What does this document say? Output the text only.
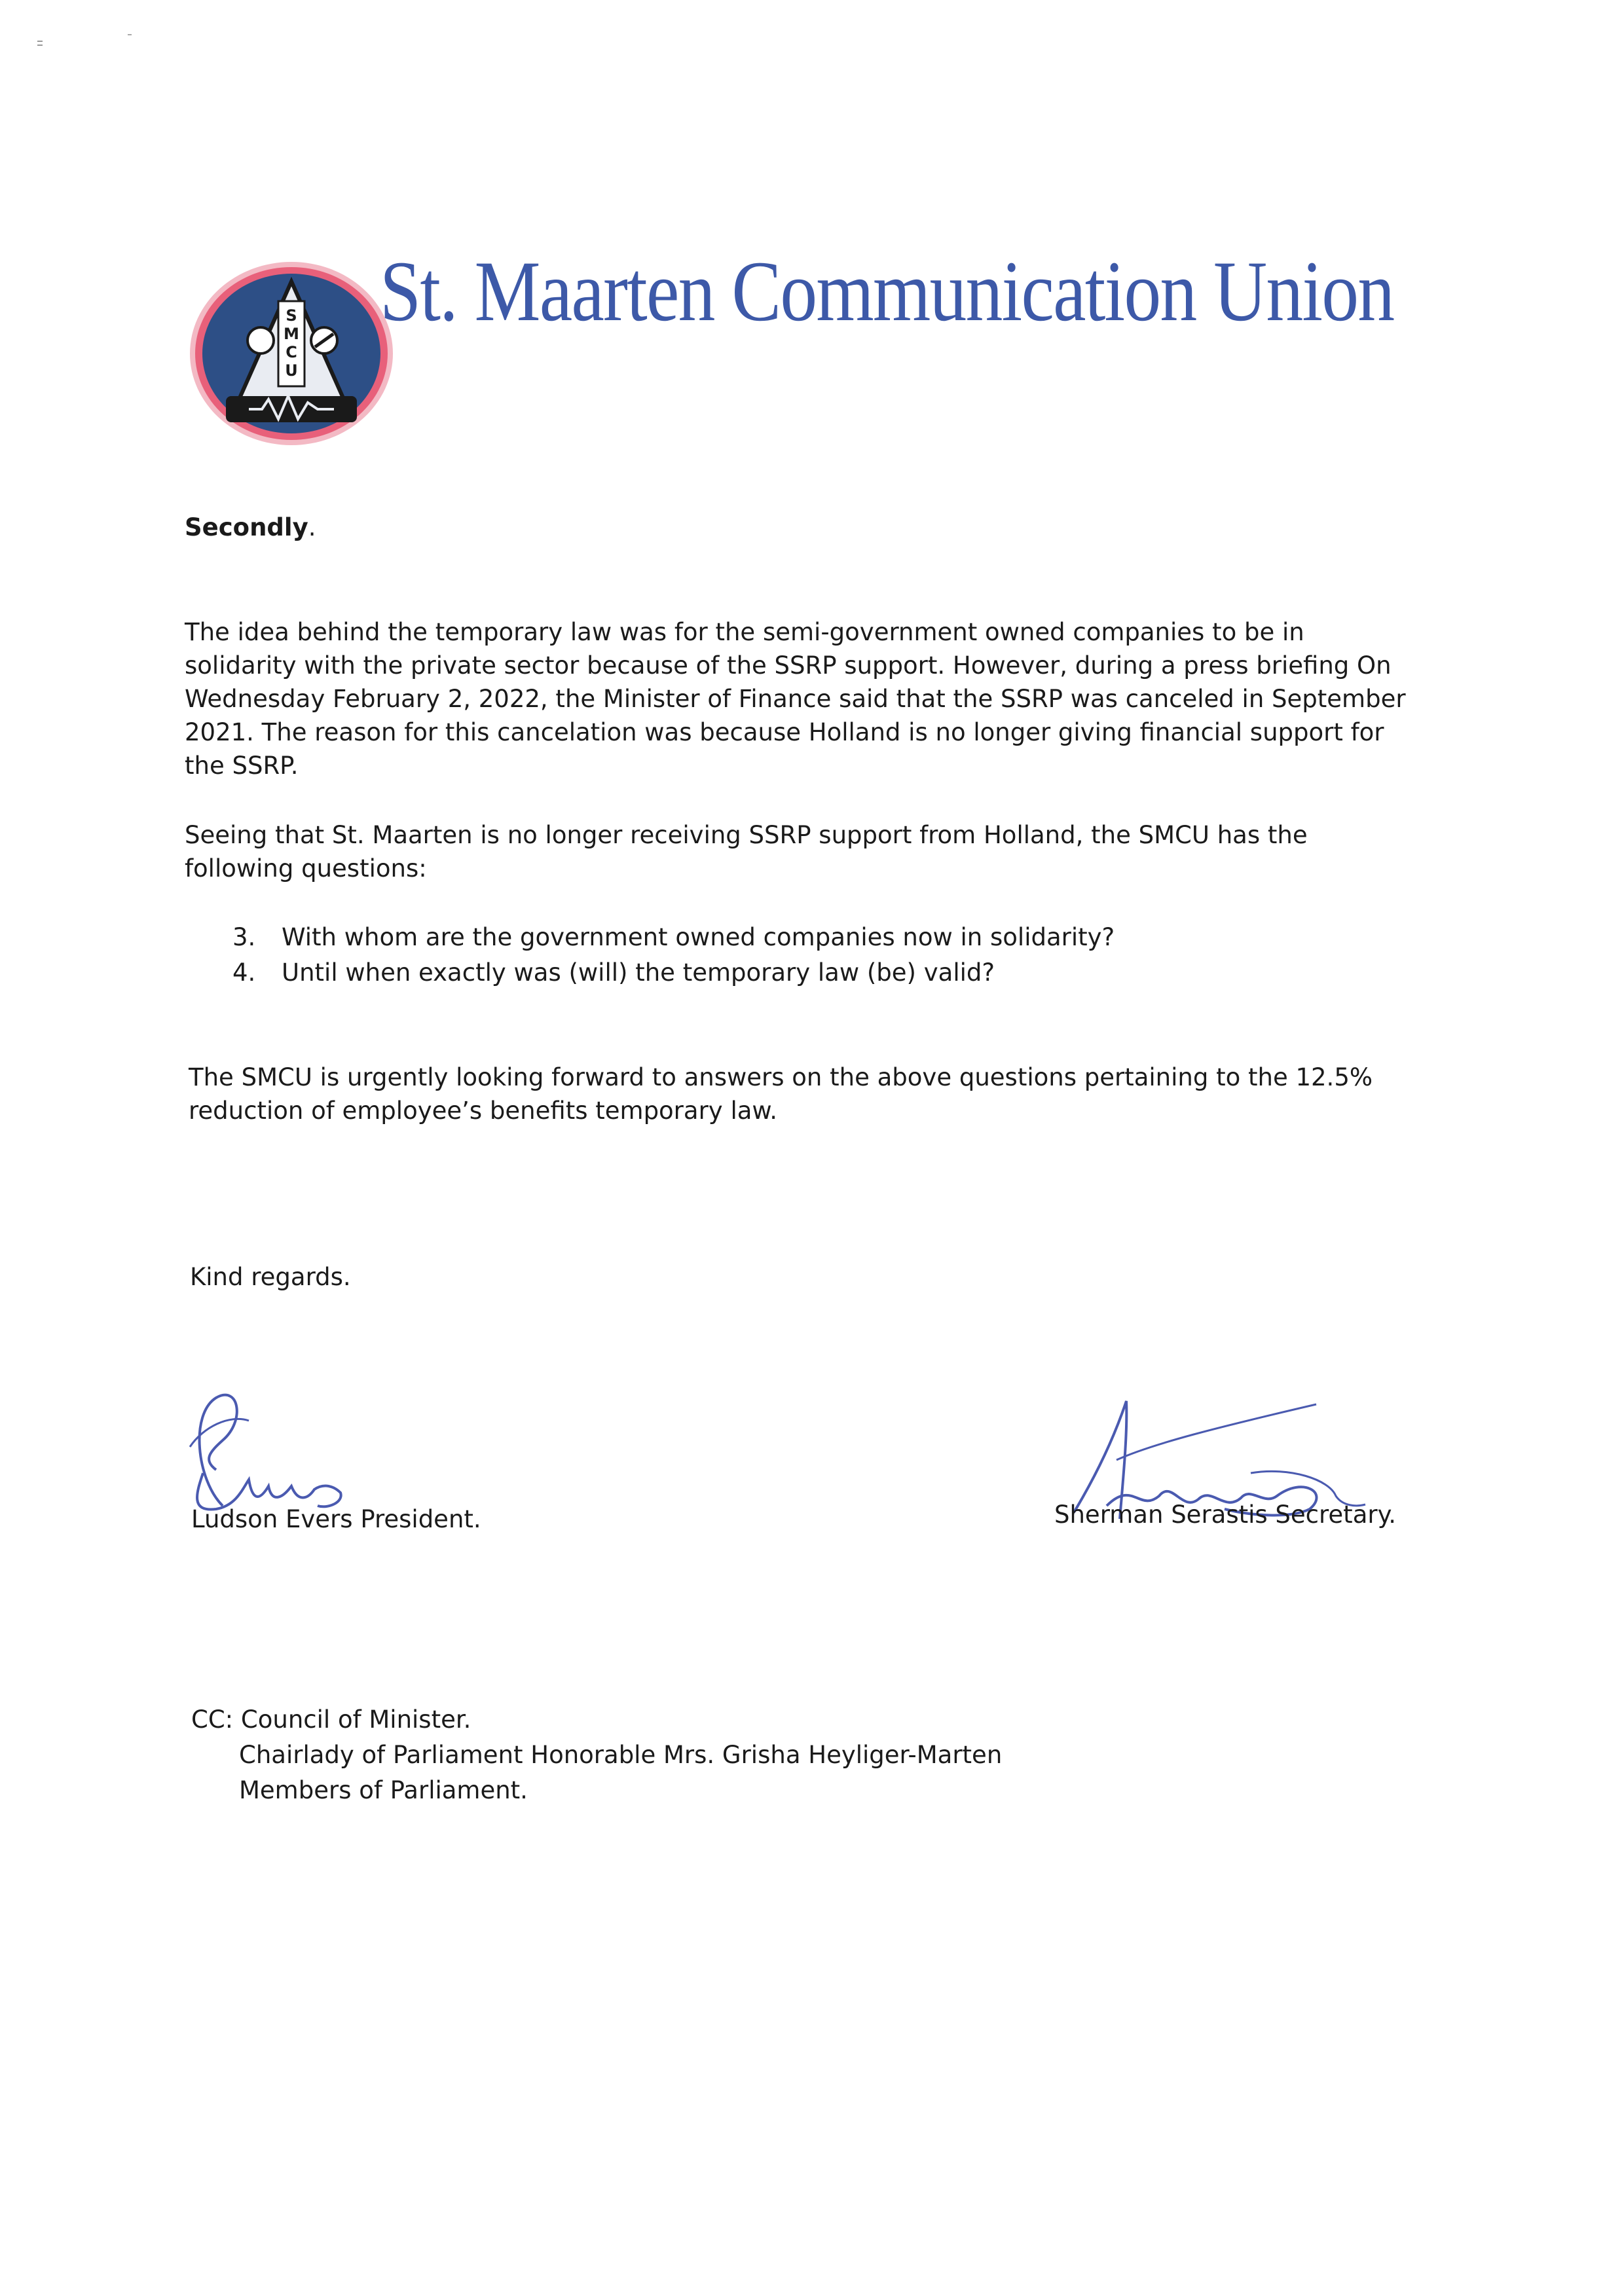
S
M
C
U
St. Maarten Communication Union
Secondly.
The idea behind the temporary law was for the semi-government owned companies to be in solidarity with the private sector because of the SSRP support. However, during a press briefing On Wednesday February 2, 2022, the Minister of Finance said that the SSRP was canceled in September 2021. The reason for this cancelation was because Holland is no longer giving financial support for the SSRP.
Seeing that St. Maarten is no longer receiving SSRP support from Holland, the SMCU has the following questions:
3.	With whom are the government owned companies now in solidarity?
4.	Until when exactly was (will) the temporary law (be) valid?
The SMCU is urgently looking forward to answers on the above questions pertaining to the 12.5% reduction of employee’s benefits temporary law.
Kind regards.
Ludson Evers President.	Sherman Serastis Secretary.
CC: Council of Minister.
Chairlady of Parliament Honorable Mrs. Grisha Heyliger-Marten
Members of Parliament.
